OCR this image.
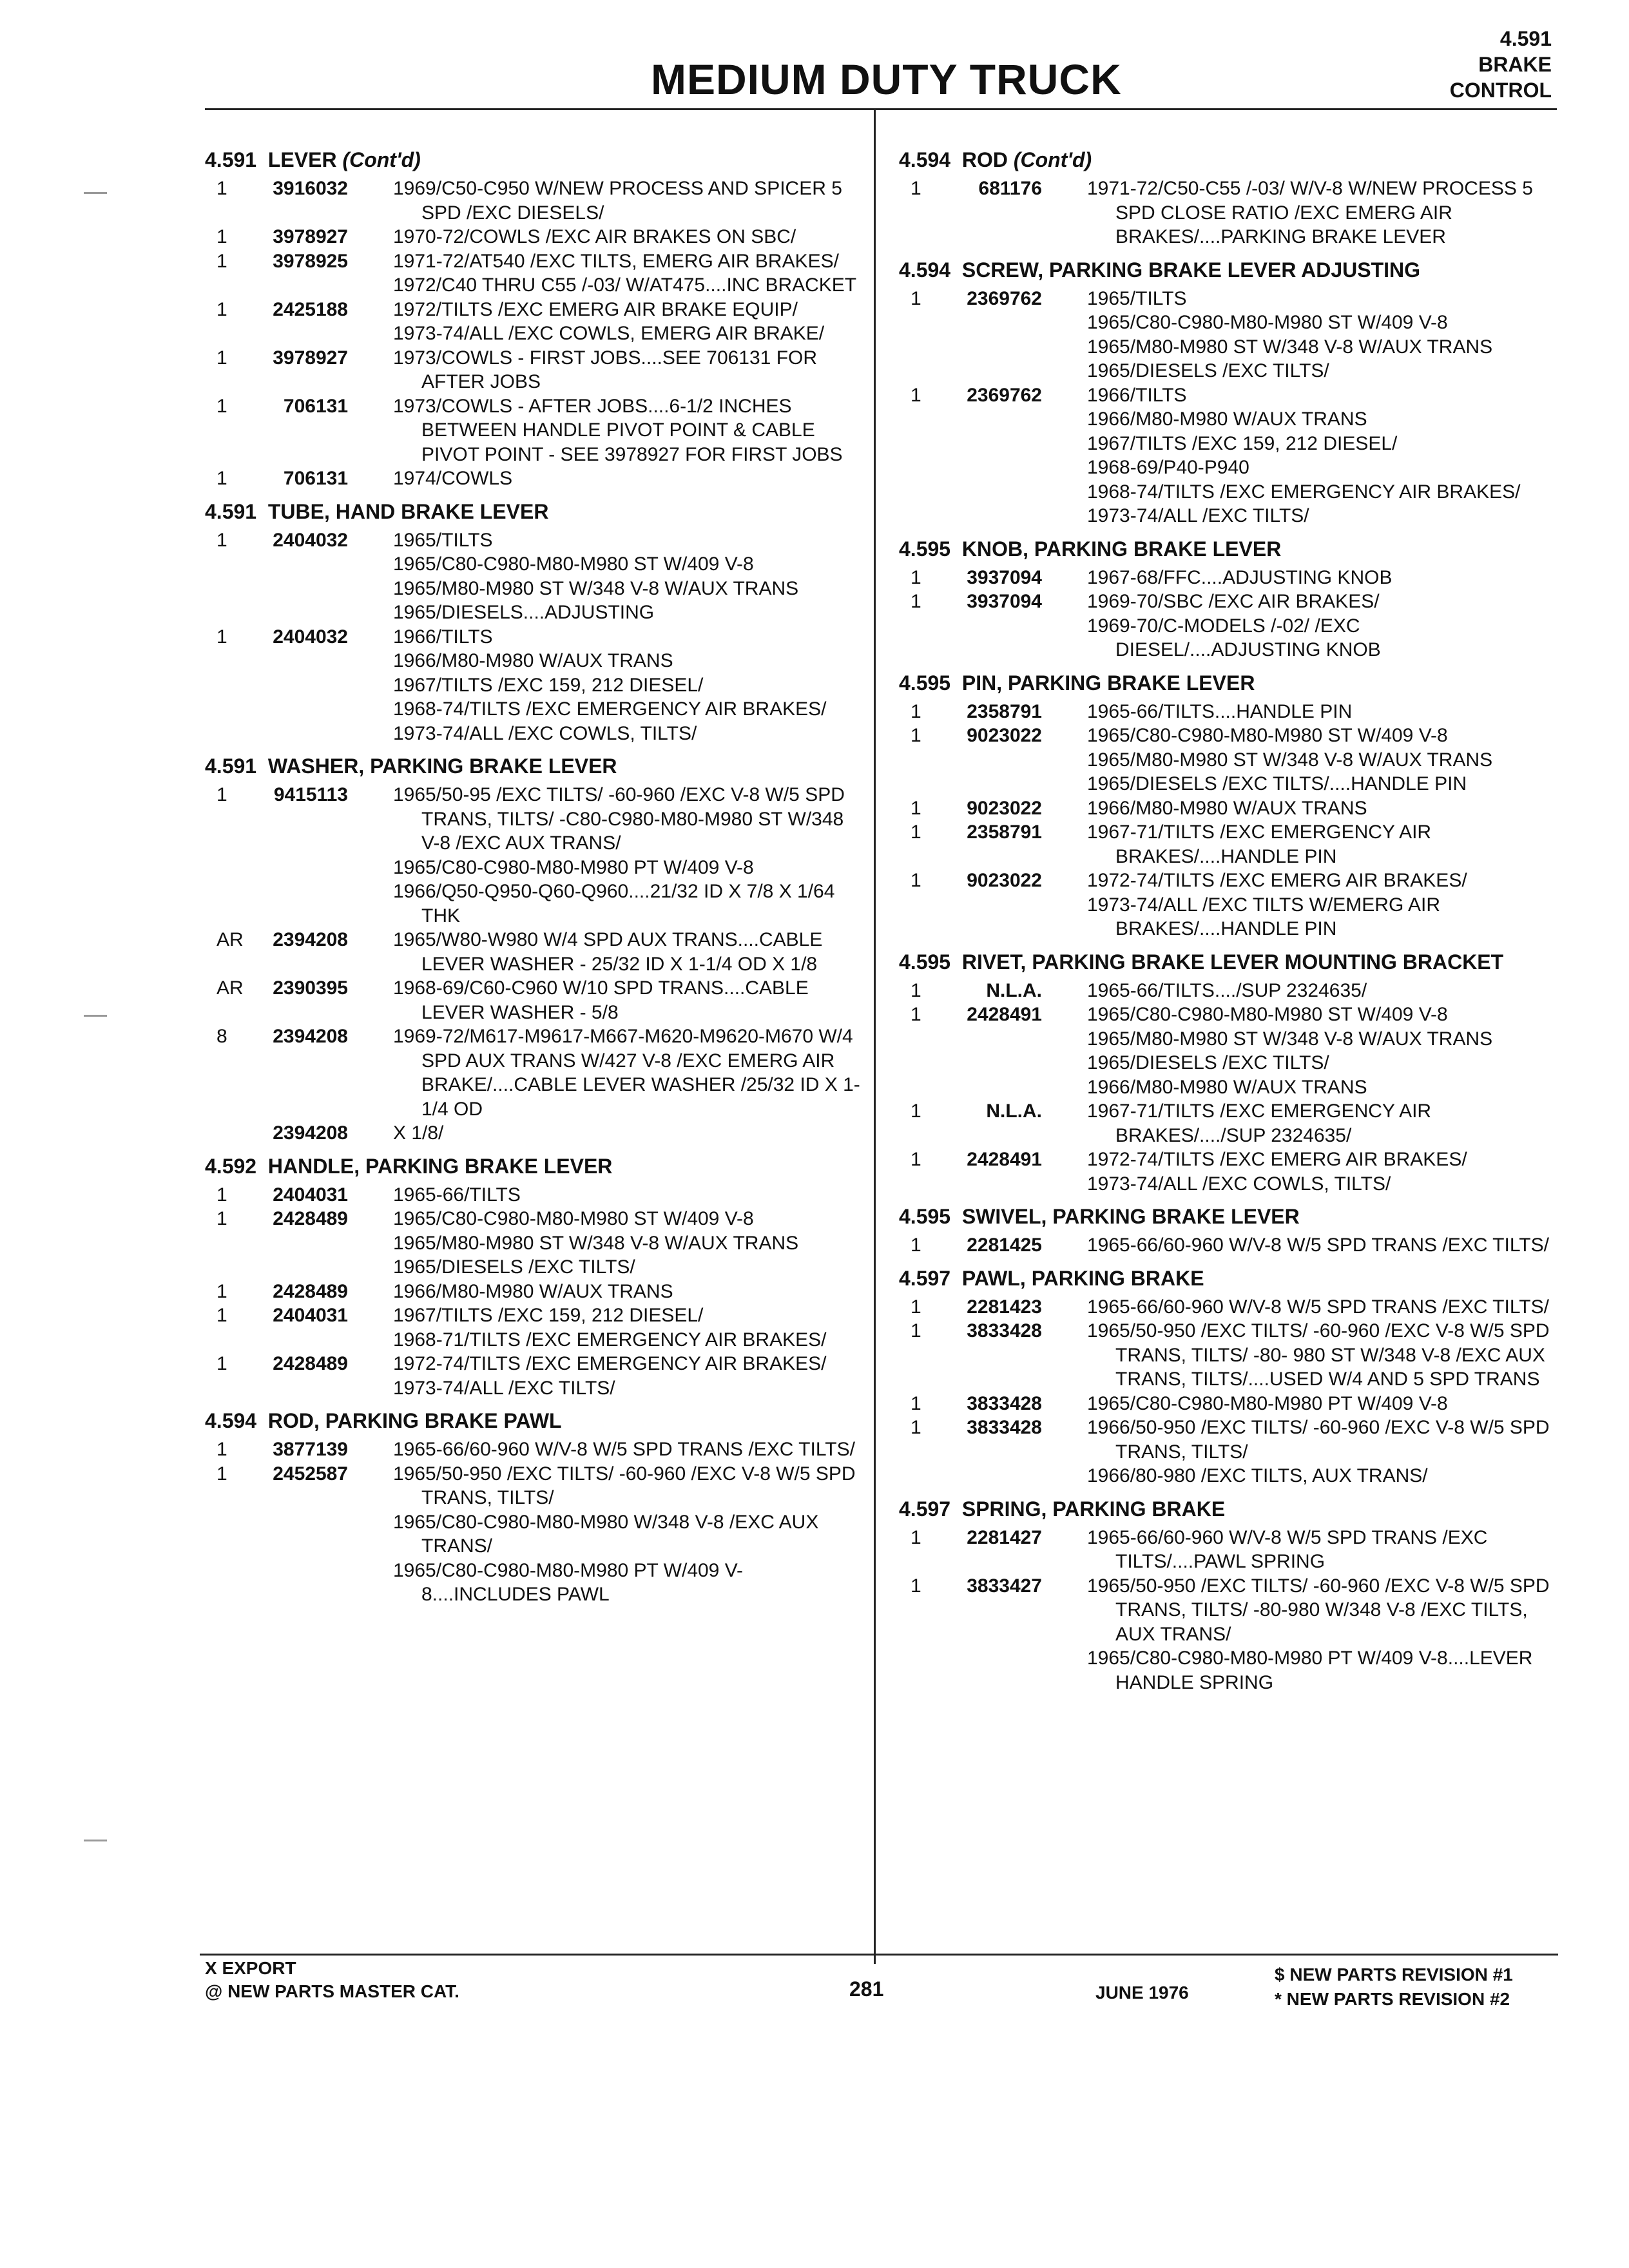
MEDIUM DUTY TRUCK
4.591
BRAKE
CONTROL
4.591 LEVER (Cont'd)
1	3916032 1969/C50-C950 W/NEW PROCESS AND SPICER 5 SPD /EXC DIESELS/
1	3978927 1970-72/COWLS /EXC AIR BRAKES ON SBC/
1	3978925 1971-72/AT540 /EXC TILTS, EMERG AIR BRAKES/
1972/C40 THRU C55 /-03/ W/AT475....INC BRACKET
1	2425188 1972/TILTS /EXC EMERG AIR BRAKE EQUIP/
1973-74/ALL /EXC COWLS, EMERG AIR BRAKE/
1	3978927 1973/COWLS - FIRST JOBS....SEE 706131 FOR AFTER JOBS
1	706131 1973/COWLS - AFTER JOBS....6-1/2 INCHES BETWEEN HANDLE PIVOT POINT & CABLE PIVOT POINT - SEE 3978927 FOR FIRST JOBS
1	706131 1974/COWLS
4.591 TUBE, HAND BRAKE LEVER
1	2404032 1965/TILTS
1965/C80-C980-M80-M980 ST W/409 V-8
1965/M80-M980 ST W/348 V-8 W/AUX TRANS
1965/DIESELS....ADJUSTING
1	2404032 1966/TILTS
1966/M80-M980 W/AUX TRANS
1967/TILTS /EXC 159, 212 DIESEL/
1968-74/TILTS /EXC EMERGENCY AIR BRAKES/
1973-74/ALL /EXC COWLS, TILTS/
4.591 WASHER, PARKING BRAKE LEVER
1	9415113 1965/50-95 /EXC TILTS/ -60-960 /EXC V-8 W/5 SPD TRANS, TILTS/ -C80-C980-M80-M980 ST W/348 V-8 /EXC AUX TRANS/
1965/C80-C980-M80-M980 PT W/409 V-8
1966/Q50-Q950-Q60-Q960....21/32 ID X 7/8 X 1/64 THK
AR	2394208 1965/W80-W980 W/4 SPD AUX TRANS....CABLE LEVER WASHER - 25/32 ID X 1-1/4 OD X 1/8
AR	2390395 1968-69/C60-C960 W/10 SPD TRANS....CABLE LEVER WASHER - 5/8
8	2394208 1969-72/M617-M9617-M667-M620-M9620-M670 W/4 SPD AUX TRANS W/427 V-8 /EXC EMERG AIR BRAKE/....CABLE LEVER WASHER /25/32 ID X 1-1/4 OD
2394208 X 1/8/
4.592 HANDLE, PARKING BRAKE LEVER
1	2404031 1965-66/TILTS
1	2428489 1965/C80-C980-M80-M980 ST W/409 V-8
1965/M80-M980 ST W/348 V-8 W/AUX TRANS
1965/DIESELS /EXC TILTS/
1	2428489 1966/M80-M980 W/AUX TRANS
1	2404031 1967/TILTS /EXC 159, 212 DIESEL/
1968-71/TILTS /EXC EMERGENCY AIR BRAKES/
1	2428489 1972-74/TILTS /EXC EMERGENCY AIR BRAKES/
1973-74/ALL /EXC TILTS/
4.594 ROD, PARKING BRAKE PAWL
1	3877139 1965-66/60-960 W/V-8 W/5 SPD TRANS /EXC TILTS/
1	2452587 1965/50-950 /EXC TILTS/ -60-960 /EXC V-8 W/5 SPD TRANS, TILTS/
1965/C80-C980-M80-M980 W/348 V-8 /EXC AUX TRANS/
1965/C80-C980-M80-M980 PT W/409 V-8....INCLUDES PAWL
4.594 ROD (Cont'd)
1	681176 1971-72/C50-C55 /-03/ W/V-8 W/NEW PROCESS 5 SPD CLOSE RATIO /EXC EMERG AIR BRAKES/....PARKING BRAKE LEVER
4.594 SCREW, PARKING BRAKE LEVER ADJUSTING
1	2369762 1965/TILTS
1965/C80-C980-M80-M980 ST W/409 V-8
1965/M80-M980 ST W/348 V-8 W/AUX TRANS
1965/DIESELS /EXC TILTS/
1	2369762 1966/TILTS
1966/M80-M980 W/AUX TRANS
1967/TILTS /EXC 159, 212 DIESEL/
1968-69/P40-P940
1968-74/TILTS /EXC EMERGENCY AIR BRAKES/
1973-74/ALL /EXC TILTS/
4.595 KNOB, PARKING BRAKE LEVER
1	3937094 1967-68/FFC....ADJUSTING KNOB
1	3937094 1969-70/SBC /EXC AIR BRAKES/
1969-70/C-MODELS /-02/ /EXC DIESEL/....ADJUSTING KNOB
4.595 PIN, PARKING BRAKE LEVER
1	2358791 1965-66/TILTS....HANDLE PIN
1	9023022 1965/C80-C980-M80-M980 ST W/409 V-8
1965/M80-M980 ST W/348 V-8 W/AUX TRANS
1965/DIESELS /EXC TILTS/....HANDLE PIN
1	9023022 1966/M80-M980 W/AUX TRANS
1	2358791 1967-71/TILTS /EXC EMERGENCY AIR BRAKES/....HANDLE PIN
1	9023022 1972-74/TILTS /EXC EMERG AIR BRAKES/
1973-74/ALL /EXC TILTS W/EMERG AIR BRAKES/....HANDLE PIN
4.595 RIVET, PARKING BRAKE LEVER MOUNTING BRACKET
1	N.L.A. 1965-66/TILTS..../SUP 2324635/
1	2428491 1965/C80-C980-M80-M980 ST W/409 V-8
1965/M80-M980 ST W/348 V-8 W/AUX TRANS
1965/DIESELS /EXC TILTS/
1966/M80-M980 W/AUX TRANS
1	N.L.A. 1967-71/TILTS /EXC EMERGENCY AIR BRAKES/..../SUP 2324635/
1	2428491 1972-74/TILTS /EXC EMERG AIR BRAKES/
1973-74/ALL /EXC COWLS, TILTS/
4.595 SWIVEL, PARKING BRAKE LEVER
1	2281425 1965-66/60-960 W/V-8 W/5 SPD TRANS /EXC TILTS/
4.597 PAWL, PARKING BRAKE
1	2281423 1965-66/60-960 W/V-8 W/5 SPD TRANS /EXC TILTS/
1	3833428 1965/50-950 /EXC TILTS/ -60-960 /EXC V-8 W/5 SPD TRANS, TILTS/ -80- 980 ST W/348 V-8 /EXC AUX TRANS, TILTS/....USED W/4 AND 5 SPD TRANS
1	3833428 1965/C80-C980-M80-M980 PT W/409 V-8
1	3833428 1966/50-950 /EXC TILTS/ -60-960 /EXC V-8 W/5 SPD TRANS, TILTS/
1966/80-980 /EXC TILTS, AUX TRANS/
4.597 SPRING, PARKING BRAKE
1	2281427 1965-66/60-960 W/V-8 W/5 SPD TRANS /EXC TILTS/....PAWL SPRING
1	3833427 1965/50-950 /EXC TILTS/ -60-960 /EXC V-8 W/5 SPD TRANS, TILTS/ -80-980 W/348 V-8 /EXC TILTS, AUX TRANS/
1965/C80-C980-M80-M980 PT W/409 V-8....LEVER HANDLE SPRING
X EXPORT
@ NEW PARTS MASTER CAT.	281	JUNE 1976
$ NEW PARTS REVISION #1
* NEW PARTS REVISION #2
